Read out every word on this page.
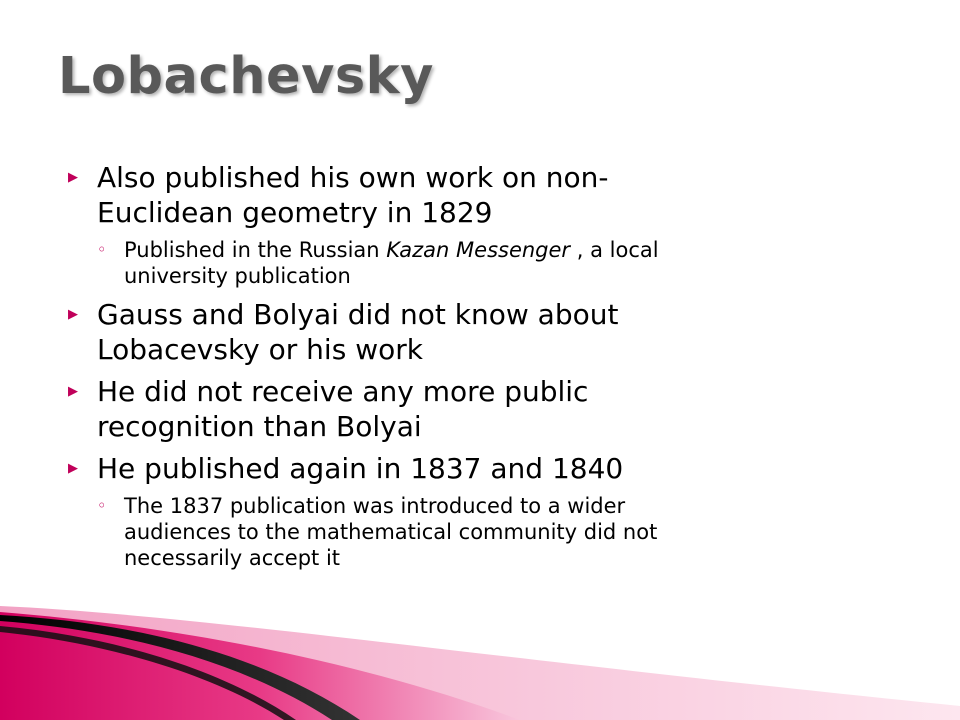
Lobachevsky
▶ Also published his own work on non-
Euclidean geometry in 1829
◦ Published in the Russian Kazan Messenger , a local
university publication
▶ Gauss and Bolyai did not know about
Lobacevsky or his work
▶ He did not receive any more public
recognition than Bolyai
▶ He published again in 1837 and 1840
◦ The 1837 publication was introduced to a wider
audiences to the mathematical community did not
necessarily accept it
